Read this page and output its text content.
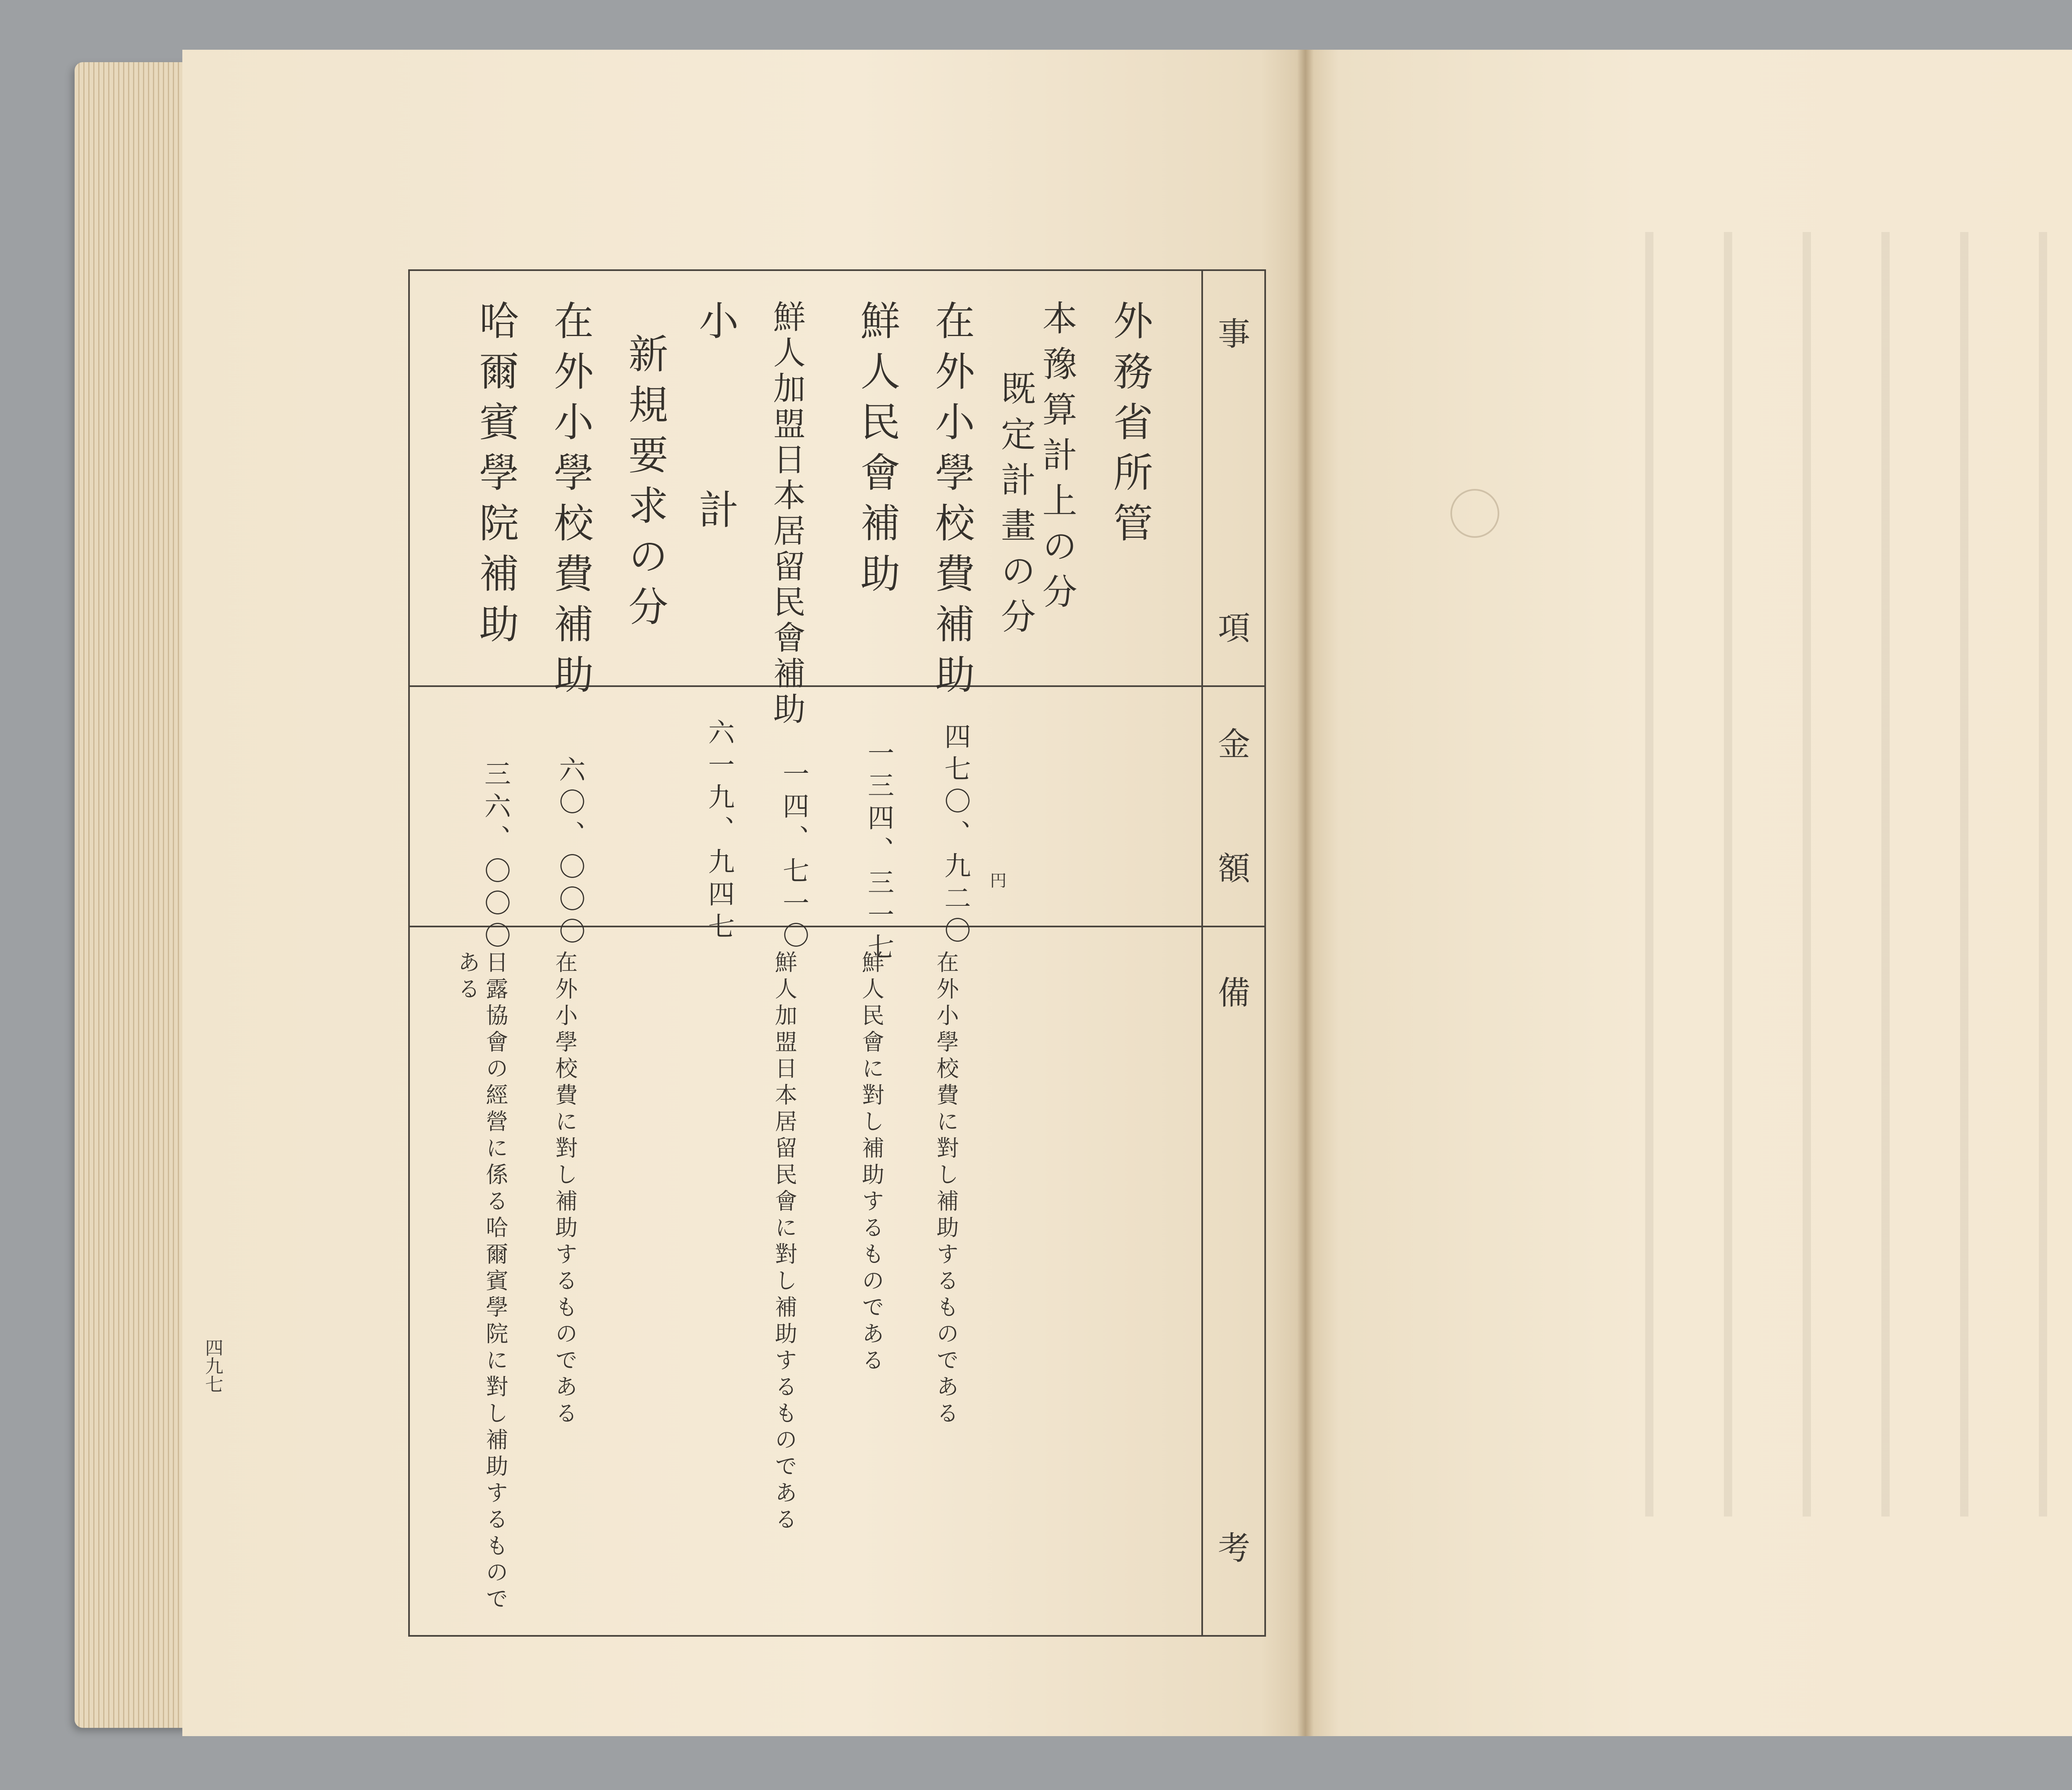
事
項
金
額
備
考
外務省所管
本豫算計上の分
既定計畫の分
在外小學校費補助
鮮人民會補助
鮮人加盟日本居留民會補助
小計
新規要求の分
在外小學校費補助
哈爾賓學院補助
四七〇、九二〇
一三四、三一七
一四、七一〇
六一九、九四七
六〇、〇〇〇
三六、〇〇〇	円
在外小學校費に對し補助するものである
鮮人民會に對し補助するものである
鮮人加盟日本居留民會に對し補助するものである
在外小學校費に對し補助するものである
日露協會の經營に係る哈爾賓學院に對し補助するものである
四九七
